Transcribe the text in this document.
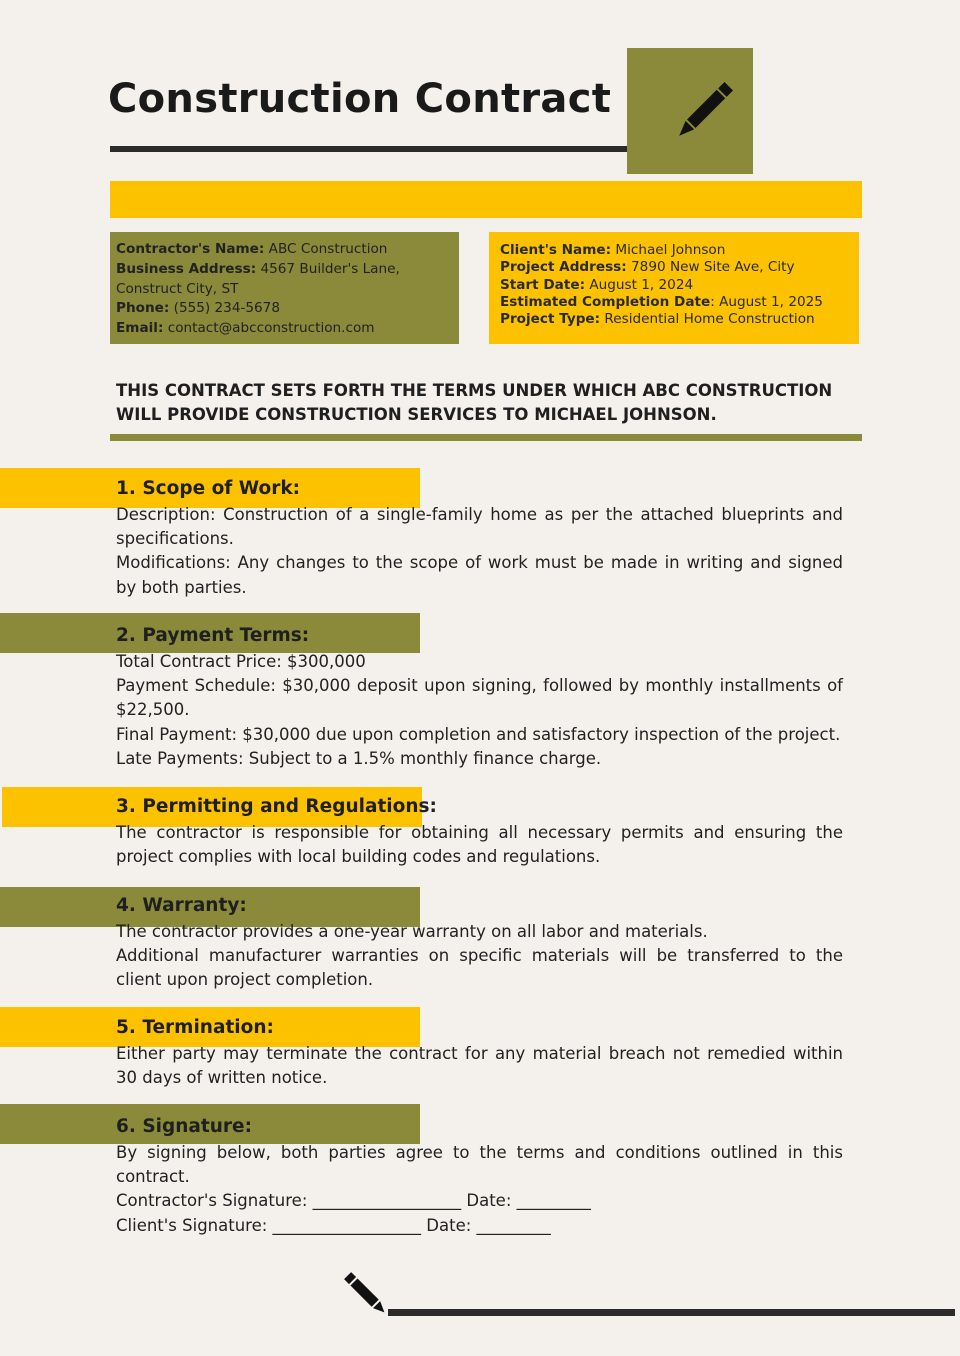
Construction Contract
Contractor's Name: ABC Construction
Business Address: 4567 Builder's Lane,
Construct City, ST
Phone: (555) 234-5678
Email: contact@abcconstruction.com
Client's Name: Michael Johnson
Project Address: 7890 New Site Ave, City
Start Date: August 1, 2024
Estimated Completion Date: August 1, 2025
Project Type: Residential Home Construction
THIS CONTRACT SETS FORTH THE TERMS UNDER WHICH ABC CONSTRUCTION WILL PROVIDE CONSTRUCTION SERVICES TO MICHAEL JOHNSON.
1. Scope of Work:

Description: Construction of a single-family home as per the attached blueprints and specifications.

Modifications: Any changes to the scope of work must be made in writing and signed by both parties.

2. Payment Terms:

Total Contract Price: $300,000

Payment Schedule: $30,000 deposit upon signing, followed by monthly installments of $22,500.

Final Payment: $30,000 due upon completion and satisfactory inspection of the project.

Late Payments: Subject to a 1.5% monthly finance charge.

3. Permitting and Regulations:

The contractor is responsible for obtaining all necessary permits and ensuring the project complies with local building codes and regulations.

4. Warranty:

The contractor provides a one-year warranty on all labor and materials.

Additional manufacturer warranties on specific materials will be transferred to the client upon project completion.

5. Termination:

Either party may terminate the contract for any material breach not remedied within 30 days of written notice.

6. Signature:

By signing below, both parties agree to the terms and conditions outlined in this contract.

Contractor's Signature: __________________ Date: _________

Client's Signature: __________________ Date: _________
